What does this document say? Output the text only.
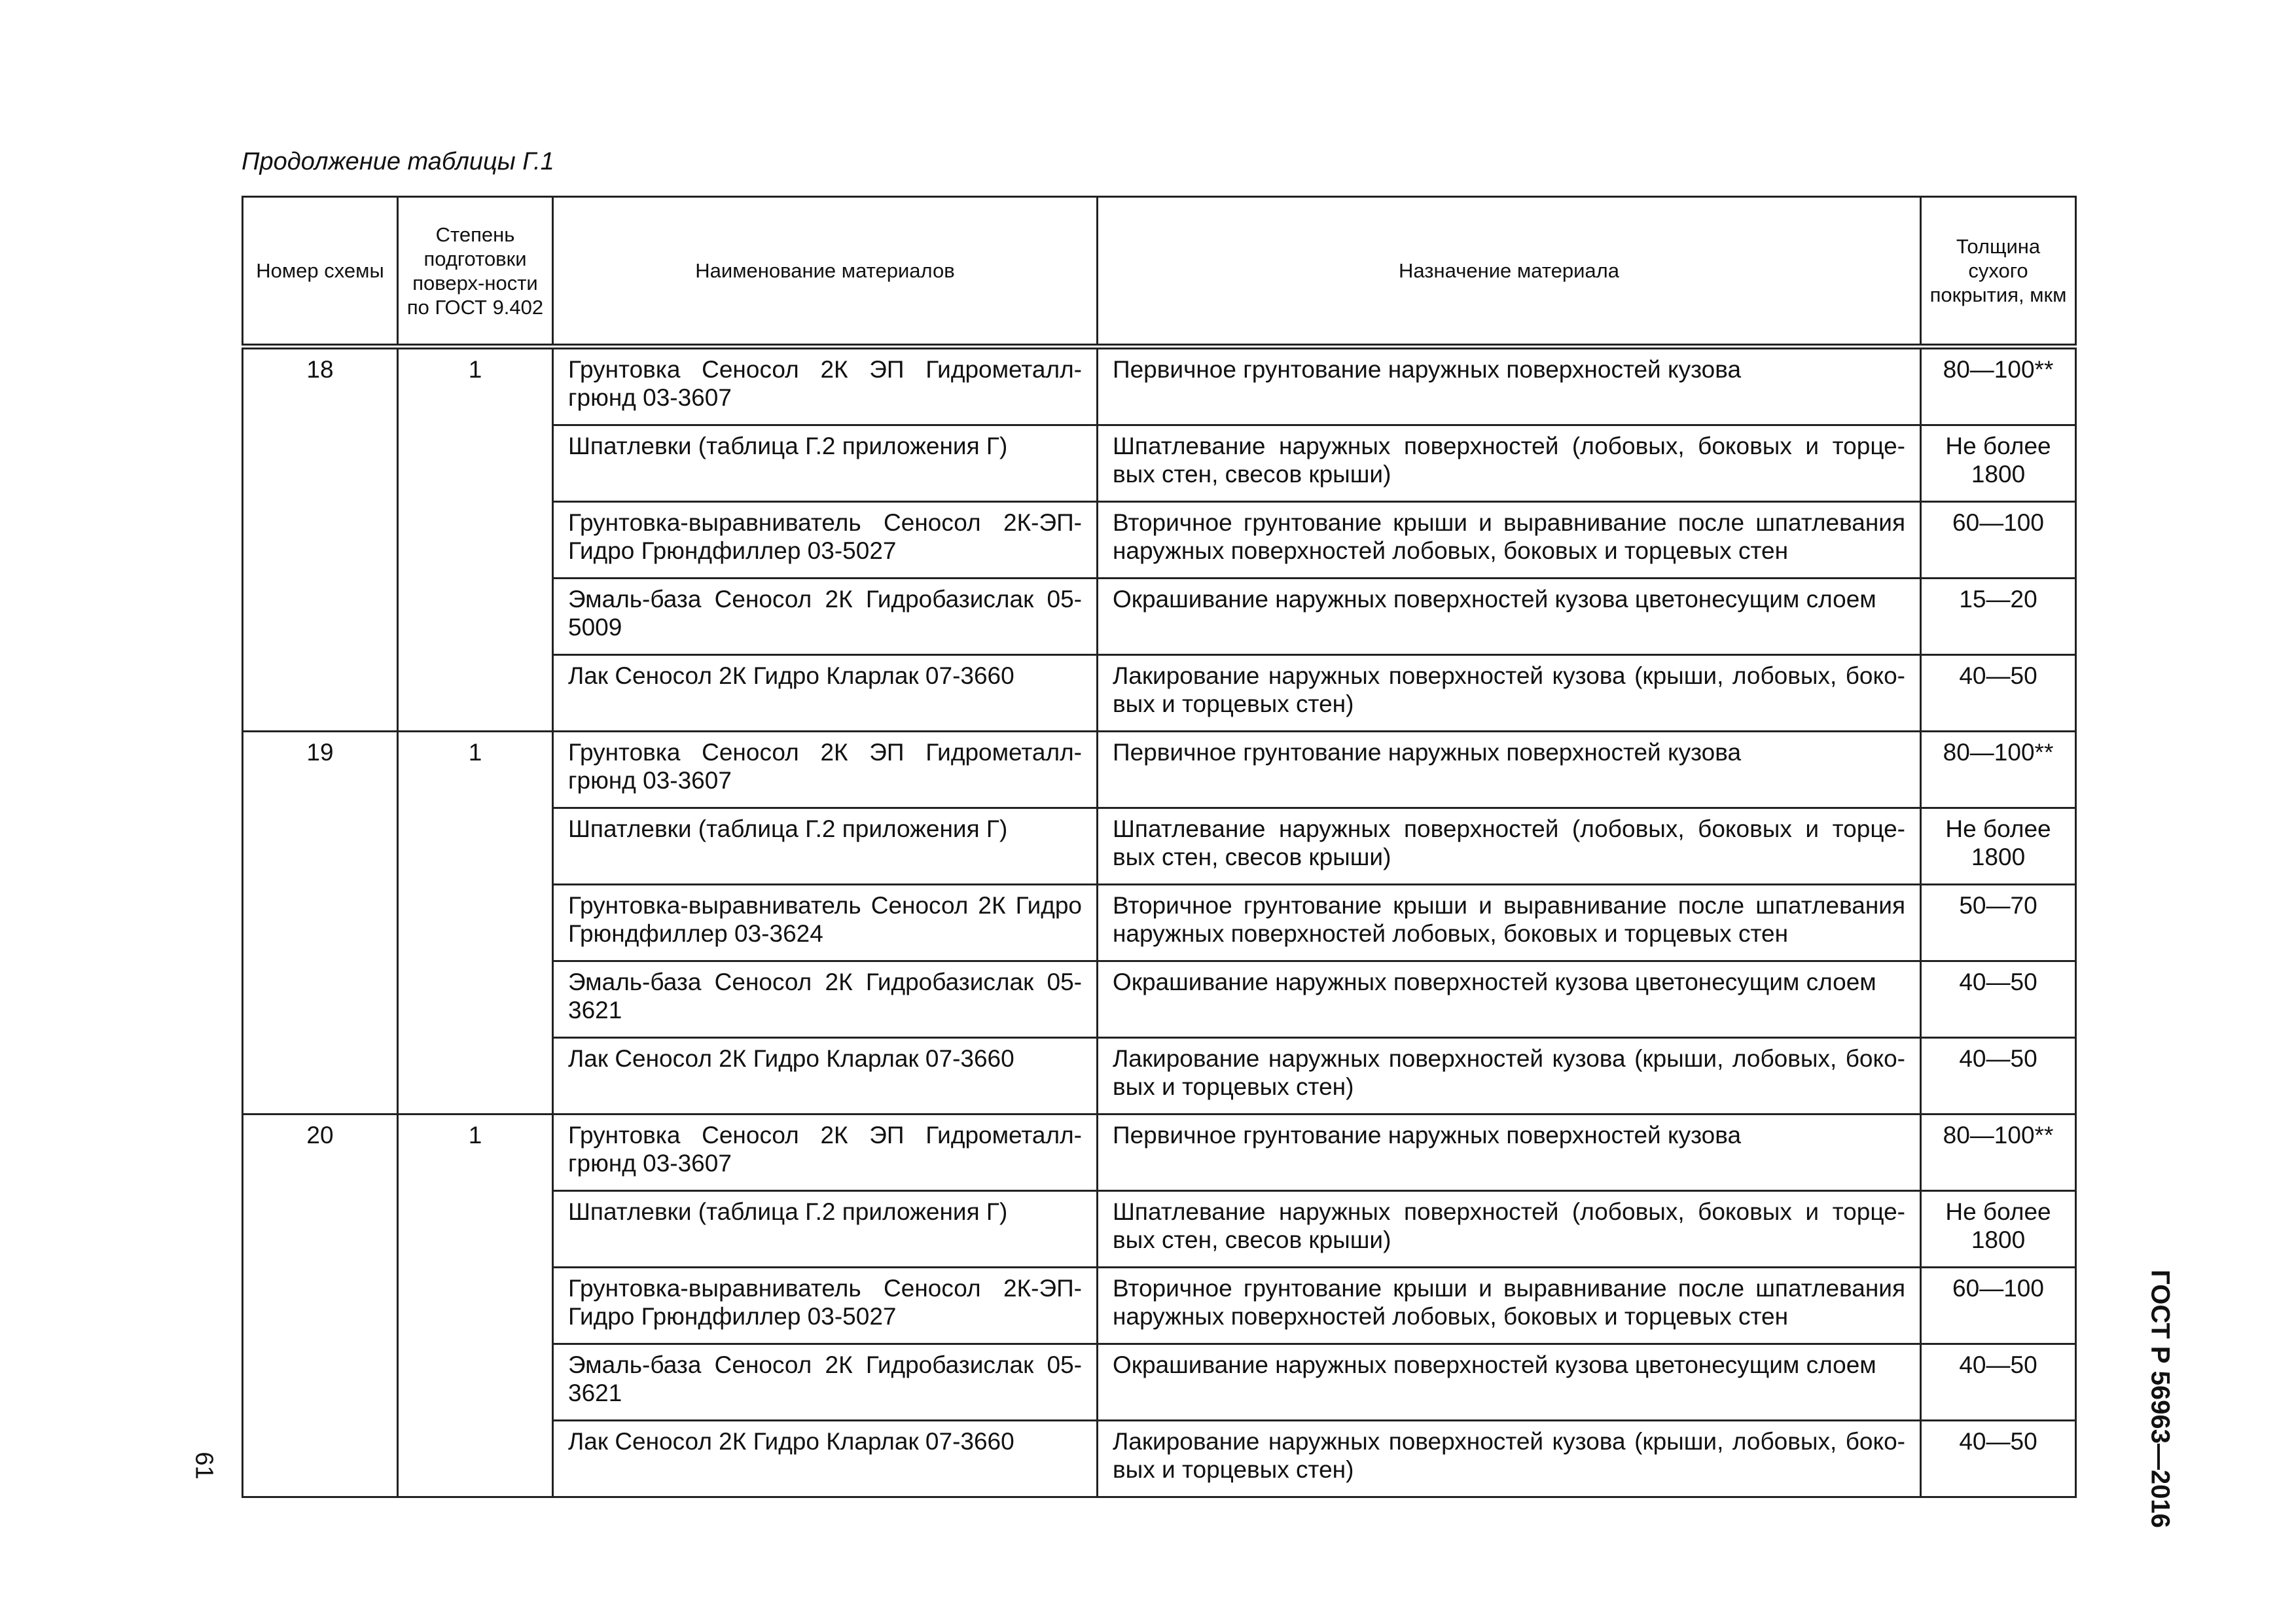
Продолжение таблицы Г.1
Номер схемы	Степень подготовки поверх-ности по ГОСТ 9.402	Наименование материалов	Назначение материала	Толщина сухого покрытия, мкм
18	1	Грунтовка Сеносол 2К ЭП Гидрометалл-грюнд 03-3607	Первичное грунтование наружных поверхностей кузова	80—100**
		Шпатлевки (таблица Г.2 приложения Г)	Шпатлевание наружных поверхностей (лобовых, боковых и торце-вых стен, свесов крыши)	Не более 1800
		Грунтовка-выравниватель Сеносол 2К-ЭП-Гидро Грюндфиллер 03-5027	Вторичное грунтование крыши и выравнивание после шпатлевания наружных поверхностей лобовых, боковых и торцевых стен	60—100
		Эмаль-база Сеносол 2К Гидробазислак 05-5009	Окрашивание наружных поверхностей кузова цветонесущим слоем	15—20
		Лак Сеносол 2К Гидро Кларлак 07-3660	Лакирование наружных поверхностей кузова (крыши, лобовых, боко-вых и торцевых стен)	40—50
19	1	Грунтовка Сеносол 2К ЭП Гидрометалл-грюнд 03-3607	Первичное грунтование наружных поверхностей кузова	80—100**
		Шпатлевки (таблица Г.2 приложения Г)	Шпатлевание наружных поверхностей (лобовых, боковых и торце-вых стен, свесов крыши)	Не более 1800
		Грунтовка-выравниватель Сеносол 2К Гидро Грюндфиллер 03-3624	Вторичное грунтование крыши и выравнивание после шпатлевания наружных поверхностей лобовых, боковых и торцевых стен	50—70
		Эмаль-база Сеносол 2К Гидробазислак 05-3621	Окрашивание наружных поверхностей кузова цветонесущим слоем	40—50
		Лак Сеносол 2К Гидро Кларлак 07-3660	Лакирование наружных поверхностей кузова (крыши, лобовых, боко-вых и торцевых стен)	40—50
20	1	Грунтовка Сеносол 2К ЭП Гидрометалл-грюнд 03-3607	Первичное грунтование наружных поверхностей кузова	80—100**
		Шпатлевки (таблица Г.2 приложения Г)	Шпатлевание наружных поверхностей (лобовых, боковых и торце-вых стен, свесов крыши)	Не более 1800
		Грунтовка-выравниватель Сеносол 2К-ЭП-Гидро Грюндфиллер 03-5027	Вторичное грунтование крыши и выравнивание после шпатлевания наружных поверхностей лобовых, боковых и торцевых стен	60—100
		Эмаль-база Сеносол 2К Гидробазислак 05-3621	Окрашивание наружных поверхностей кузова цветонесущим слоем	40—50
		Лак Сеносол 2К Гидро Кларлак 07-3660	Лакирование наружных поверхностей кузова (крыши, лобовых, боко-вых и торцевых стен)	40—50
61	ГОСТ Р 56963—2016
